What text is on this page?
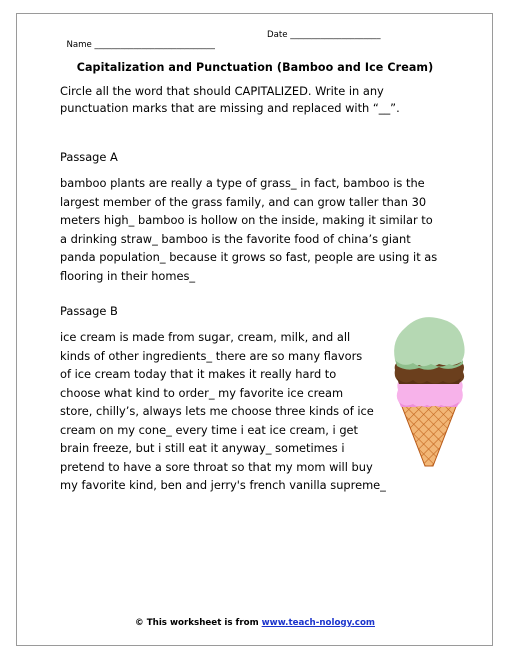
Name ____________________________

Date _____________________

Capitalization and Punctuation (Bamboo and Ice Cream)
Circle all the word that should CAPITALIZED. Write in any
punctuation marks that are missing and replaced with “__”.
Passage A
bamboo plants are really a type of grass_ in fact, bamboo is the
largest member of the grass family, and can grow taller than 30
meters high_ bamboo is hollow on the inside, making it similar to
a drinking straw_ bamboo is the favorite food of china’s giant
panda population_ because it grows so fast, people are using it as
flooring in their homes_
Passage B
ice cream is made from sugar, cream, milk, and all
kinds of other ingredients_ there are so many flavors
of ice cream today that it makes it really hard to
choose what kind to order_ my favorite ice cream
store, chilly’s, always lets me choose three kinds of ice
cream on my cone_ every time i eat ice cream, i get
brain freeze, but i still eat it anyway_ sometimes i
pretend to have a sore throat so that my mom will buy
my favorite kind, ben and jerry's french vanilla supreme_
© This worksheet is from www.teach-nology.com
